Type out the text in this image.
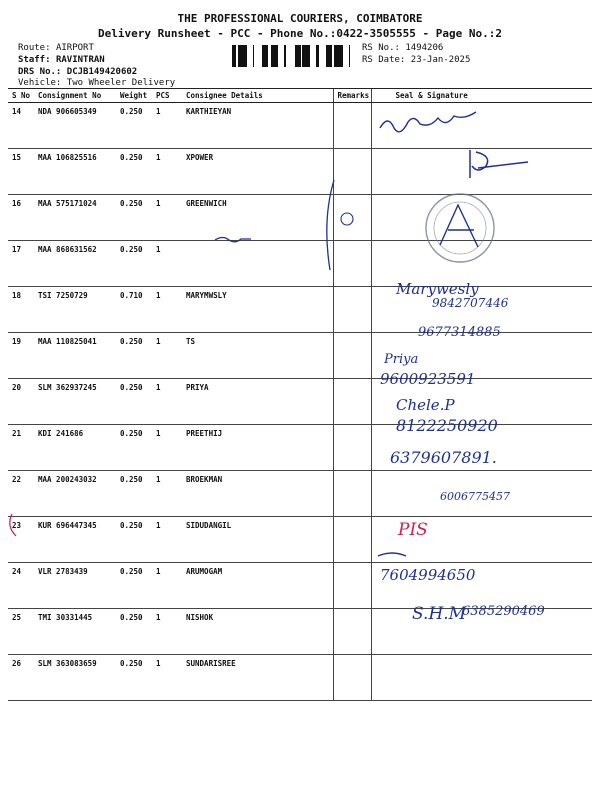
THE PROFESSIONAL COURIERS, COIMBATORE
Delivery Runsheet - PCC - Phone No.:0422-3505555 - Page No.:2
Route: AIRPORT
Staff: RAVINTRAN
DRS No.: DCJB149420602
Vehicle: Two Wheeler Delivery
RS No.: 1494206
RS Date: 23-Jan-2025
S No	Consignment No	Weight	PCS	Consignee Details	Remarks	Seal & Signature
14	NDA 906605349	0.250	1	KARTHIEYAN		
15	MAA 106825516	0.250	1	XPOWER		
16	MAA 575171024	0.250	1	GREENWICH		
17	MAA 868631562	0.250	1			
18	TSI 7250729	0.710	1	MARYMWSLY		
19	MAA 110825041	0.250	1	TS		
20	SLM 362937245	0.250	1	PRIYA		
21	KDI 241686	0.250	1	PREETHIJ		
22	MAA 200243032	0.250	1	BROEKMAN		
23	KUR 696447345	0.250	1	SIDUDANGIL		
24	VLR 2783439	0.250	1	ARUMOGAM		
25	TMI 30331445	0.250	1	NISHOK		
26	SLM 363083659	0.250	1	SUNDARISREE		
Marywesly
9842707446
9677314885
Priya
9600923591
Chele.P
8122250920
6379607891.
6006775457
PIS
7604994650
S.H.M
6385290469
